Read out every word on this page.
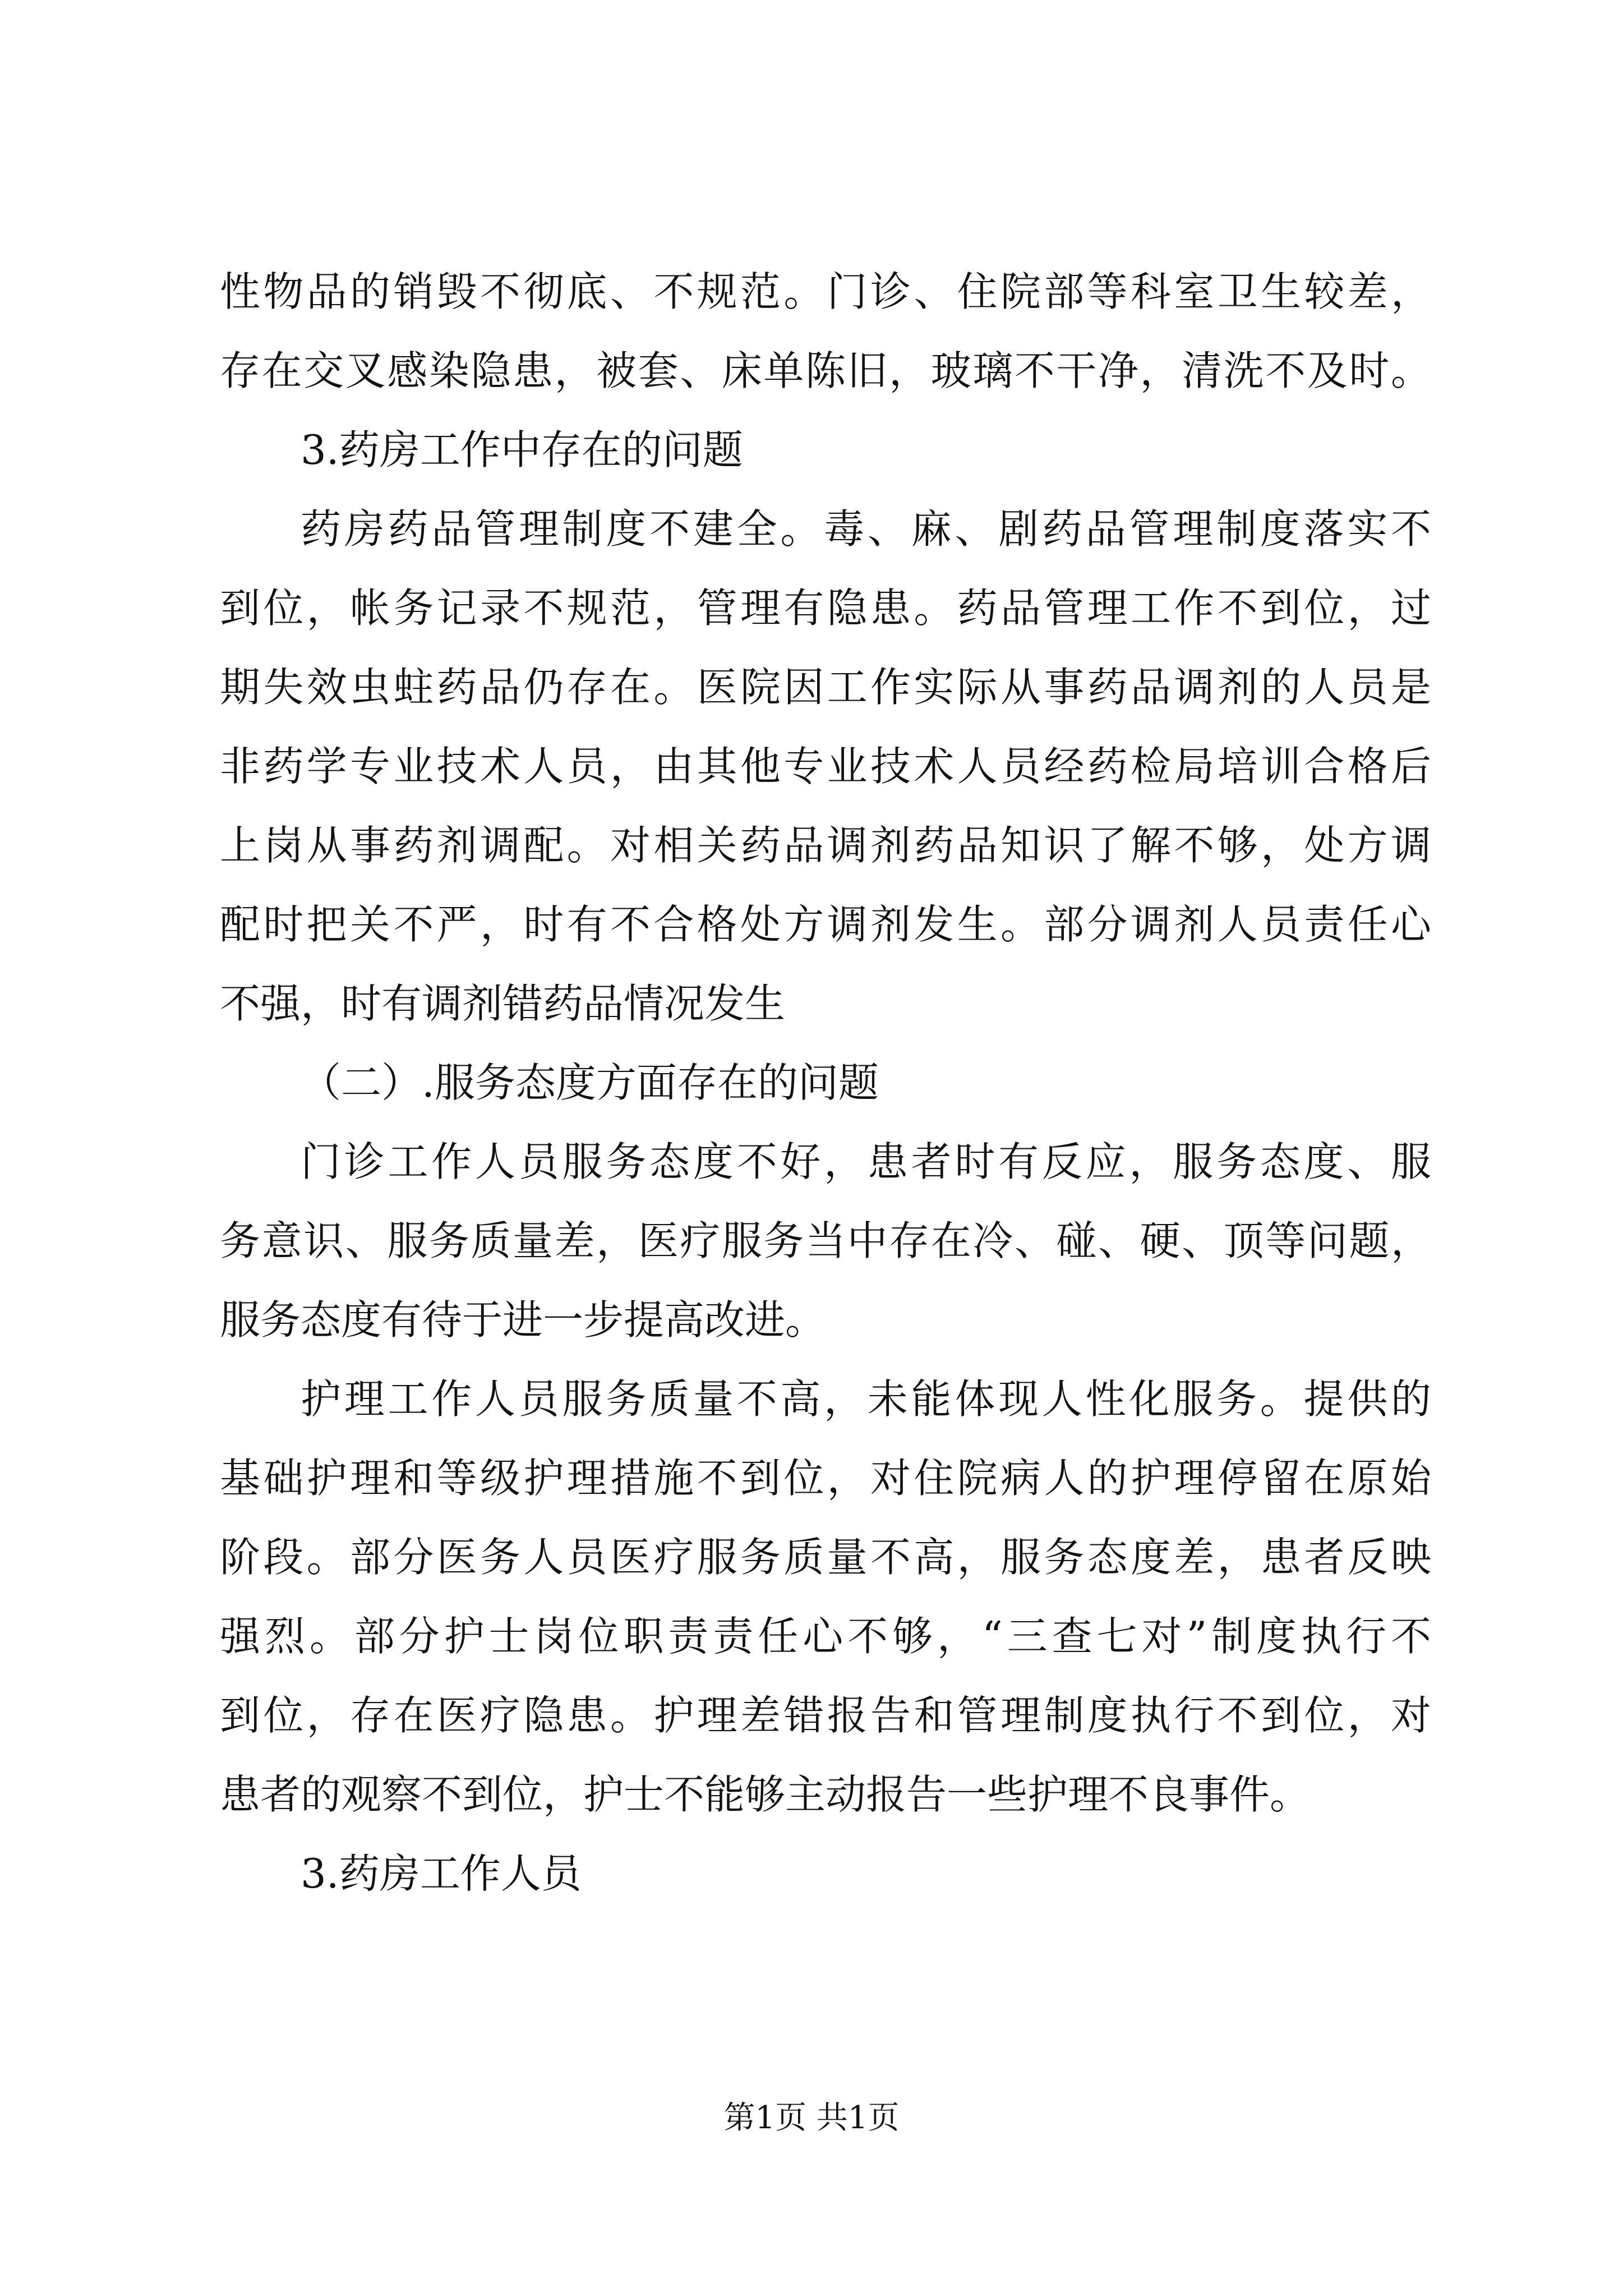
性物品的销毁不彻底、不规范。门诊、住院部等科室卫生较差，
存在交叉感染隐患，被套、床单陈旧，玻璃不干净，清洗不及时。
3.药房工作中存在的问题
药房药品管理制度不建全。毒、麻、剧药品管理制度落实不
到位，帐务记录不规范，管理有隐患。药品管理工作不到位，过
期失效虫蛀药品仍存在。医院因工作实际从事药品调剂的人员是
非药学专业技术人员，由其他专业技术人员经药检局培训合格后
上岗从事药剂调配。对相关药品调剂药品知识了解不够，处方调
配时把关不严，时有不合格处方调剂发生。部分调剂人员责任心
不强，时有调剂错药品情况发生
（二）.服务态度方面存在的问题
门诊工作人员服务态度不好，患者时有反应，服务态度、服
务意识、服务质量差，医疗服务当中存在冷、碰、硬、顶等问题，
服务态度有待于进一步提高改进。
护理工作人员服务质量不高，未能体现人性化服务。提供的
基础护理和等级护理措施不到位，对住院病人的护理停留在原始
阶段。部分医务人员医疗服务质量不高，服务态度差，患者反映
强烈。部分护士岗位职责责任心不够，“三查七对”制度执行不
到位，存在医疗隐患。护理差错报告和管理制度执行不到位，对
患者的观察不到位，护士不能够主动报告一些护理不良事件。
3.药房工作人员
第1页 共1页
